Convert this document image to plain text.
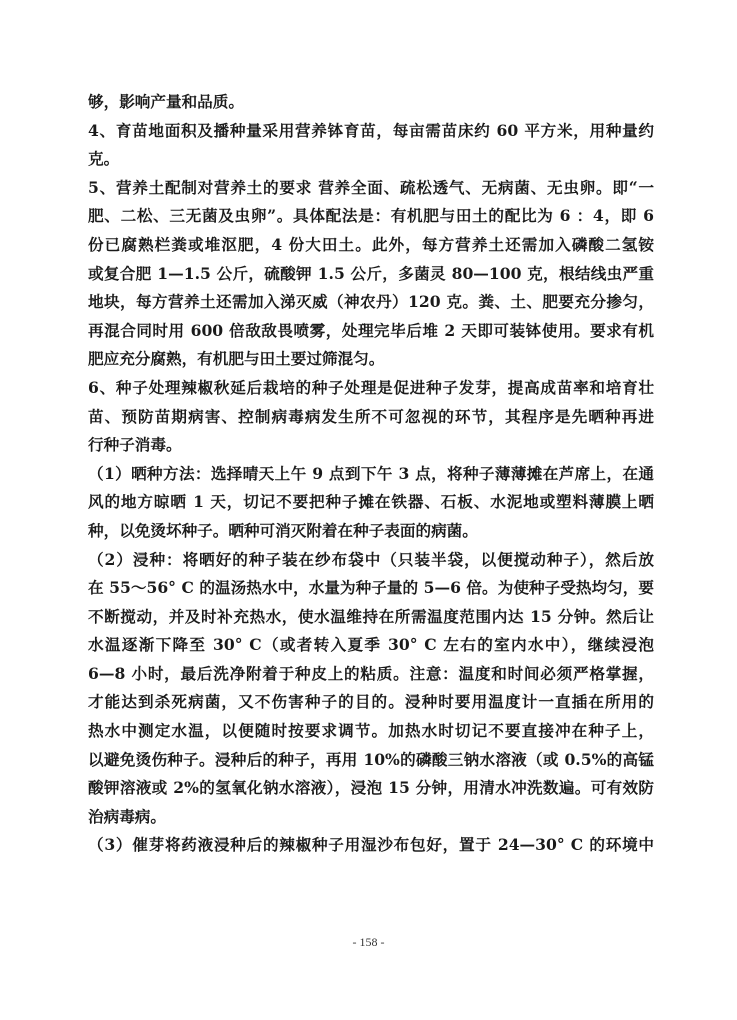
够，影响产量和品质。
4、育苗地面积及播种量采用营养钵育苗，每亩需苗床约 60 平方米，用种量约
克。
5、营养土配制对营养土的要求 营养全面、疏松透气、无病菌、无虫卵。即“一
肥、二松、三无菌及虫卵”。具体配法是：有机肥与田土的配比为 6 ：4，即 6
份已腐熟栏粪或堆沤肥，4 份大田土。此外，每方营养土还需加入磷酸二氢铵
或复合肥 1—1.5 公斤，硫酸钾 1.5 公斤，多菌灵 80—100 克，根结线虫严重
地块，每方营养土还需加入涕灭威（神农丹）120 克。粪、土、肥要充分掺匀，
再混合同时用 600 倍敌敌畏喷雾，处理完毕后堆 2 天即可装钵使用。要求有机
肥应充分腐熟，有机肥与田土要过筛混匀。
6、种子处理辣椒秋延后栽培的种子处理是促进种子发芽，提高成苗率和培育壮
苗、预防苗期病害、控制病毒病发生所不可忽视的环节，其程序是先晒种再进
行种子消毒。
（1）晒种方法：选择晴天上午 9 点到下午 3 点，将种子薄薄摊在芦席上，在通
风的地方晾晒 1 天，切记不要把种子摊在铁器、石板、水泥地或塑料薄膜上晒
种，以免烫坏种子。晒种可消灭附着在种子表面的病菌。
（2）浸种：将晒好的种子装在纱布袋中（只装半袋，以便搅动种子），然后放
在 55～56° C 的温汤热水中，水量为种子量的 5—6 倍。为使种子受热均匀，要
不断搅动，并及时补充热水，使水温维持在所需温度范围内达 15 分钟。然后让
水温逐渐下降至 30° C（或者转入夏季 30° C 左右的室内水中），继续浸泡
6—8 小时，最后洗净附着于种皮上的粘质。注意：温度和时间必须严格掌握，
才能达到杀死病菌，又不伤害种子的目的。浸种时要用温度计一直插在所用的
热水中测定水温，以便随时按要求调节。加热水时切记不要直接冲在种子上，
以避免烫伤种子。浸种后的种子，再用 10%的磷酸三钠水溶液（或 0.5%的高锰
酸钾溶液或 2%的氢氧化钠水溶液），浸泡 15 分钟，用清水冲洗数遍。可有效防
治病毒病。
（3）催芽将药液浸种后的辣椒种子用湿沙布包好，置于 24—30° C 的环境中
- 158 -
